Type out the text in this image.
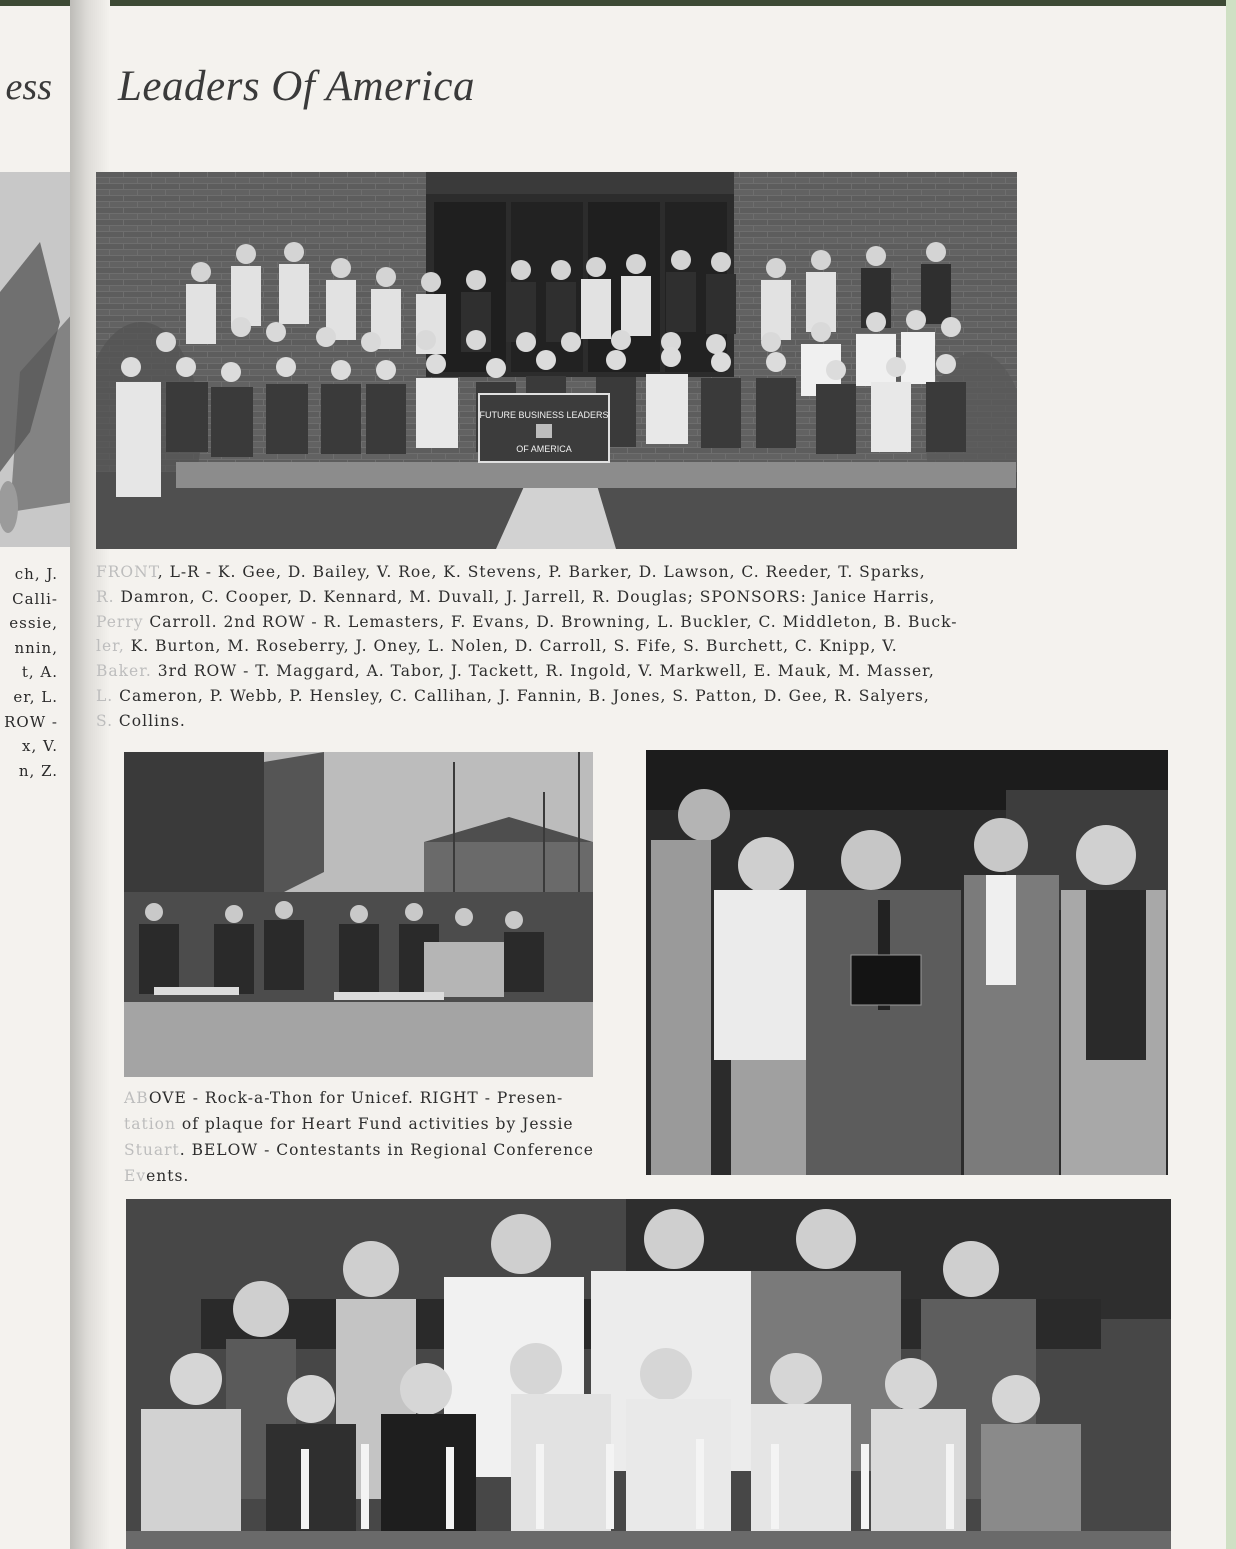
ess
ch, J.
Calli-
essie,
nnin,
t, A.
er, L.
ROW -
x, V.
n, Z.
Leaders Of America
FUTURE BUSINESS LEADERS
OF AMERICA

FRONT, L-R - K. Gee, D. Bailey, V. Roe, K. Stevens, P. Barker, D. Lawson, C. Reeder, T. Sparks,

R. Damron, C. Cooper, D. Kennard, M. Duvall, J. Jarrell, R. Douglas; SPONSORS: Janice Harris,

Perry Carroll. 2nd ROW - R. Lemasters, F. Evans, D. Browning, L. Buckler, C. Middleton, B. Buck-

ler, K. Burton, M. Roseberry, J. Oney, L. Nolen, D. Carroll, S. Fife, S. Burchett, C. Knipp, V.

Baker. 3rd ROW - T. Maggard, A. Tabor, J. Tackett, R. Ingold, V. Markwell, E. Mauk, M. Masser,

L. Cameron, P. Webb, P. Hensley, C. Callihan, J. Fannin, B. Jones, S. Patton, D. Gee, R. Salyers,

S. Collins.

ABOVE - Rock-a-Thon for Unicef. RIGHT - Presen-

tation of plaque for Heart Fund activities by Jessie

Stuart. BELOW - Contestants in Regional Conference

Events.
